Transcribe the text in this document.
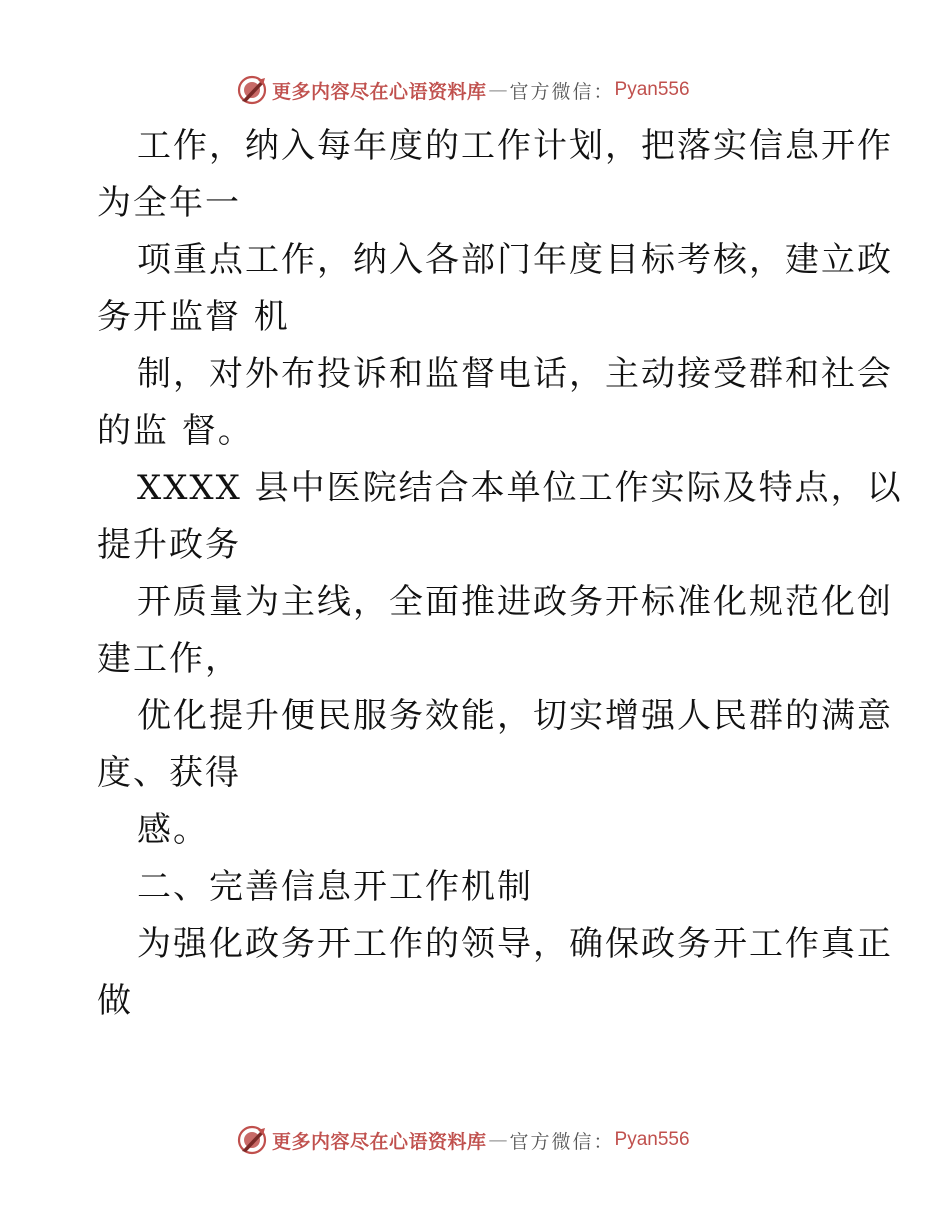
更多内容尽在心语资料库 — 官方微信： Pyan556
工作，纳入每年度的工作计划，把落实信息开作
为全年一
项重点工作，纳入各部门年度目标考核，建立政
务开监督 机
制，对外布投诉和监督电话，主动接受群和社会
的监 督。
XXXX 县中医院结合本单位工作实际及特点，以
提升政务
开质量为主线，全面推进政务开标准化规范化创
建工作，
优化提升便民服务效能，切实增强人民群的满意
度、获得
感。
二、完善信息开工作机制
为强化政务开工作的领导，确保政务开工作真正
做
更多内容尽在心语资料库 — 官方微信： Pyan556
